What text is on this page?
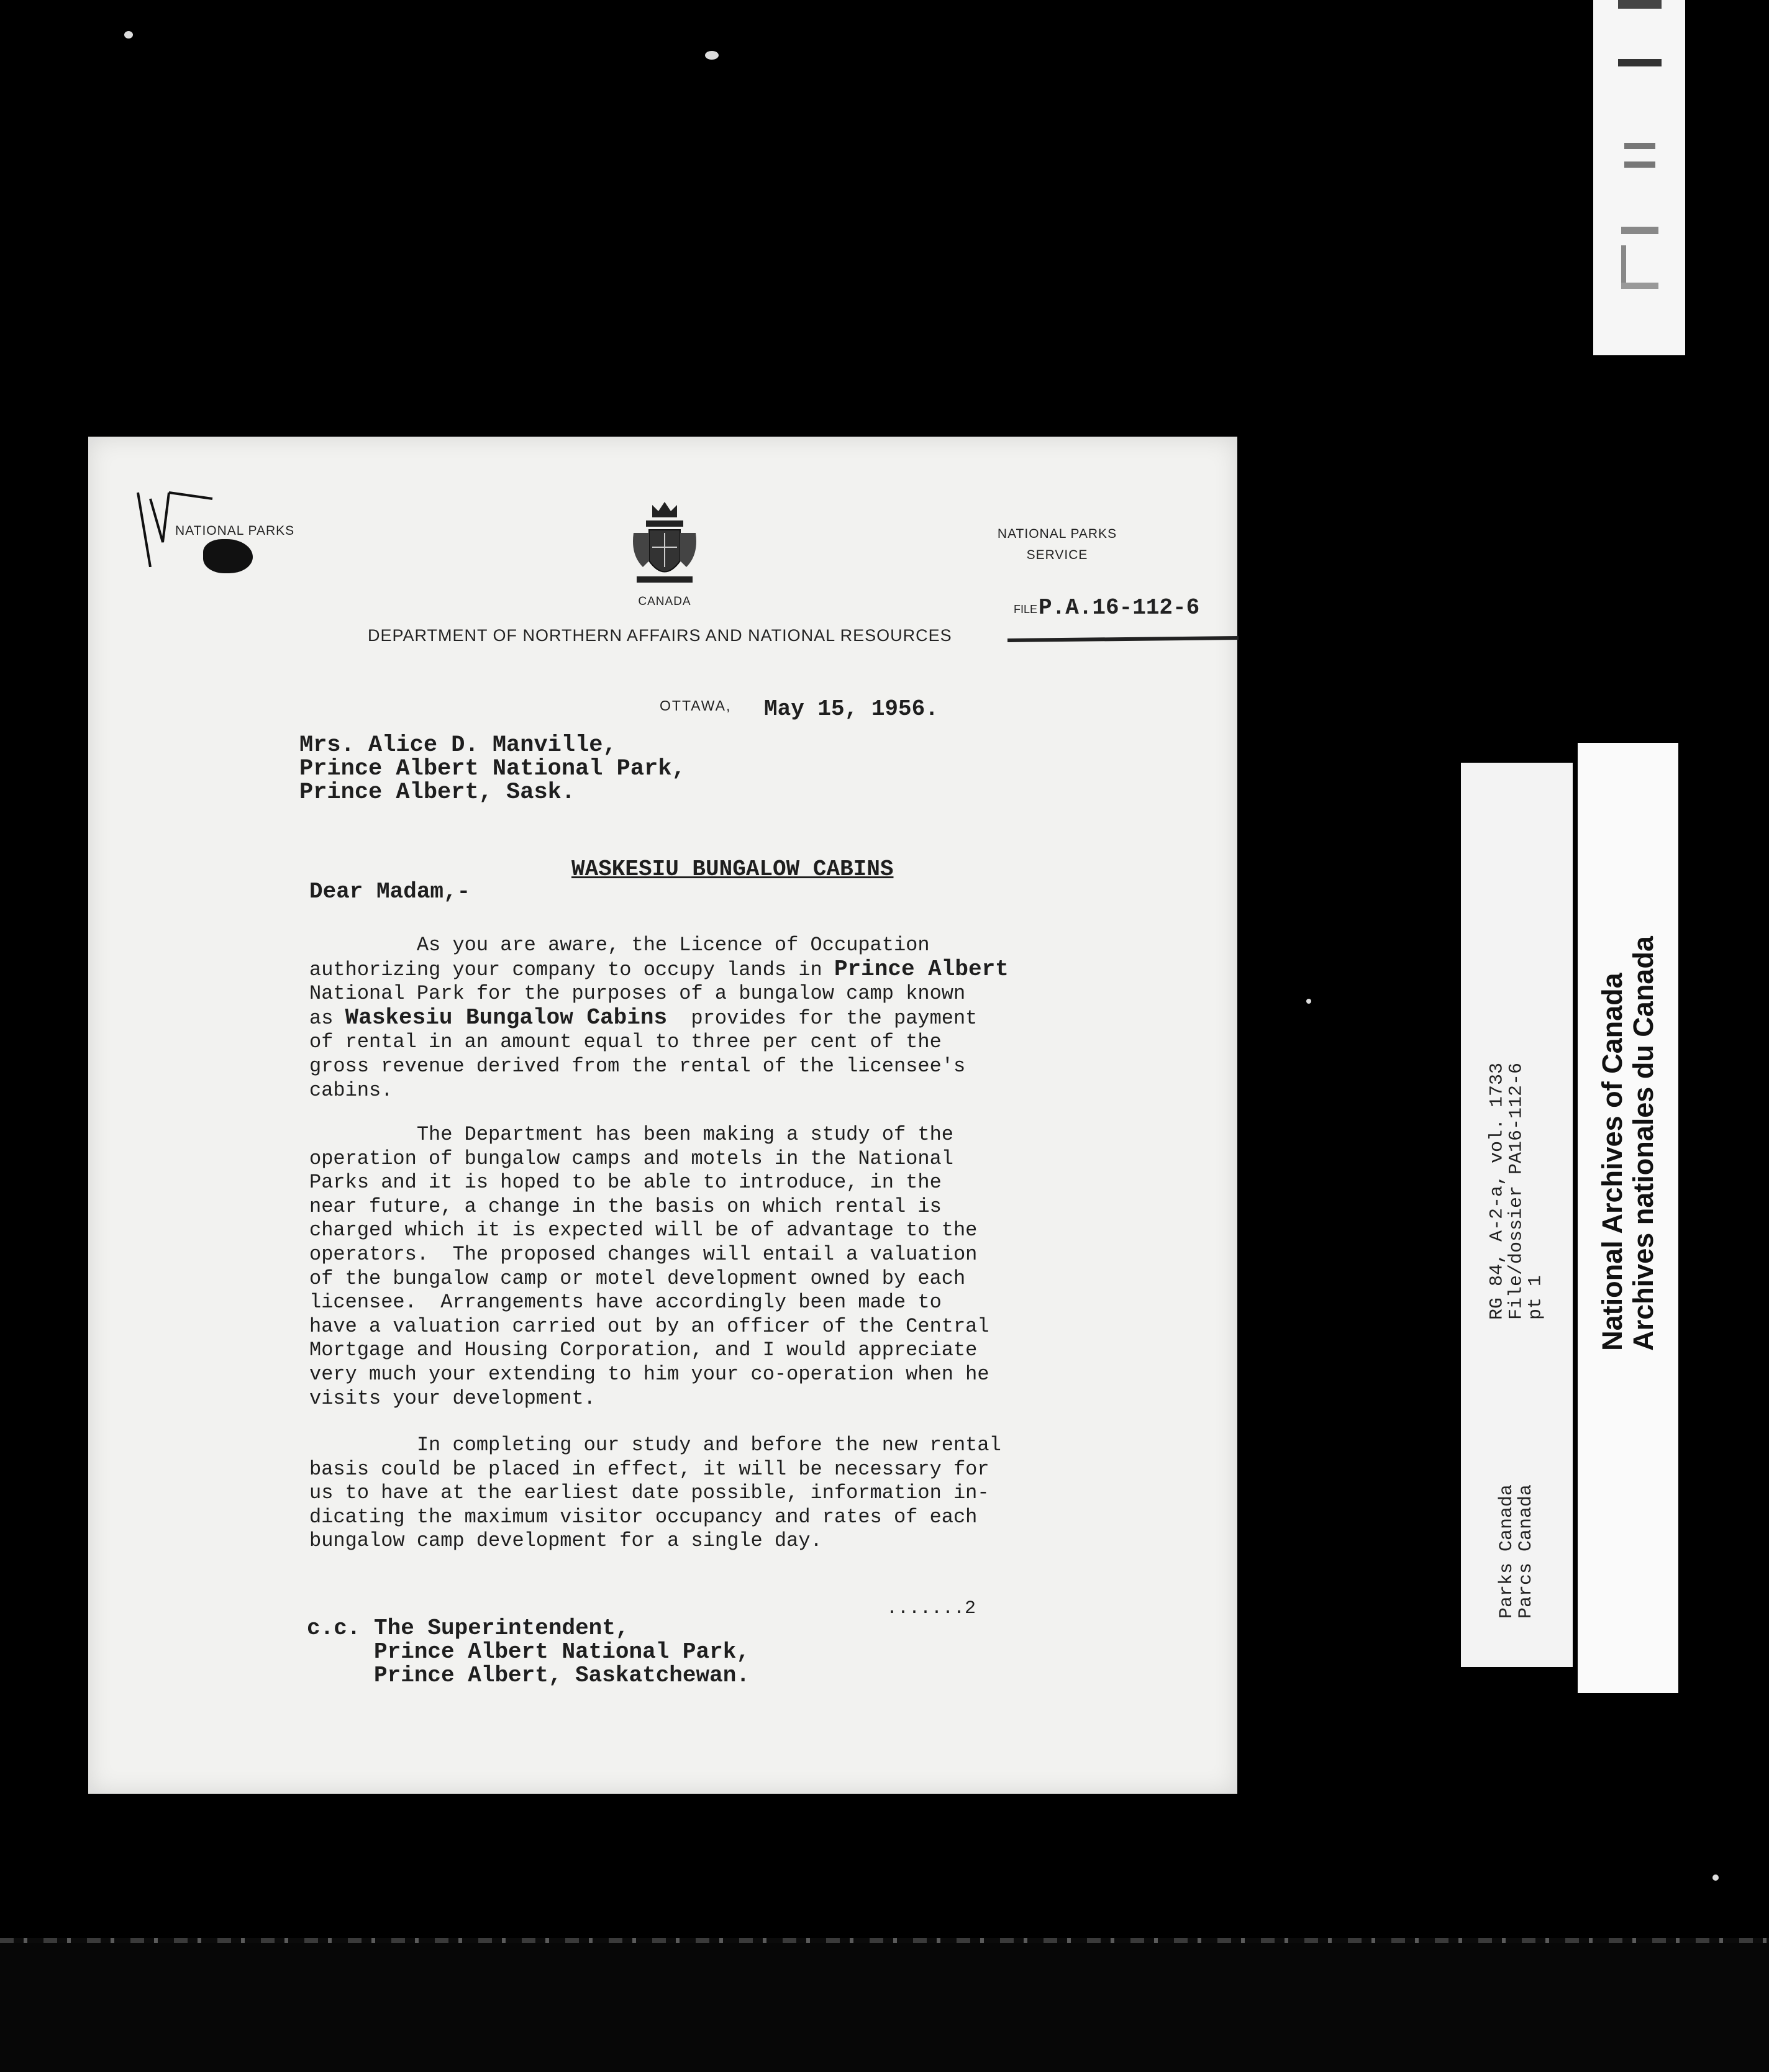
NATIONAL PARKS
CANADA
NATIONAL PARKS
SERVICE
DEPARTMENT OF NORTHERN AFFAIRS AND NATIONAL RESOURCES
FILE P.A.16-112-6
OTTAWA, May 15, 1956.
Mrs. Alice D. Manville,
Prince Albert National Park,
Prince Albert, Sask.
WASKESIU BUNGALOW CABINS
Dear Madam,-
As you are aware, the Licence of Occupation
authorizing your company to occupy lands in Prince Albert
National Park for the purposes of a bungalow camp known
as Waskesiu Bungalow Cabins  provides for the payment
of rental in an amount equal to three per cent of the
gross revenue derived from the rental of the licensee's
cabins.
The Department has been making a study of the
operation of bungalow camps and motels in the National
Parks and it is hoped to be able to introduce, in the
near future, a change in the basis on which rental is
charged which it is expected will be of advantage to the
operators.  The proposed changes will entail a valuation
of the bungalow camp or motel development owned by each
licensee.  Arrangements have accordingly been made to
have a valuation carried out by an officer of the Central
Mortgage and Housing Corporation, and I would appreciate
very much your extending to him your co-operation when he
visits your development.
In completing our study and before the new rental
basis could be placed in effect, it will be necessary for
us to have at the earliest date possible, information in-
dicating the maximum visitor occupancy and rates of each
bungalow camp development for a single day.
.......2
c.c. The Superintendent,
Prince Albert National Park,
Prince Albert, Saskatchewan.
RG 84, A-2-a, vol. 1733
File/dossier PA16-112-6
pt 1
Parks Canada
Parcs Canada
National Archives of Canada
Archives nationales du Canada
